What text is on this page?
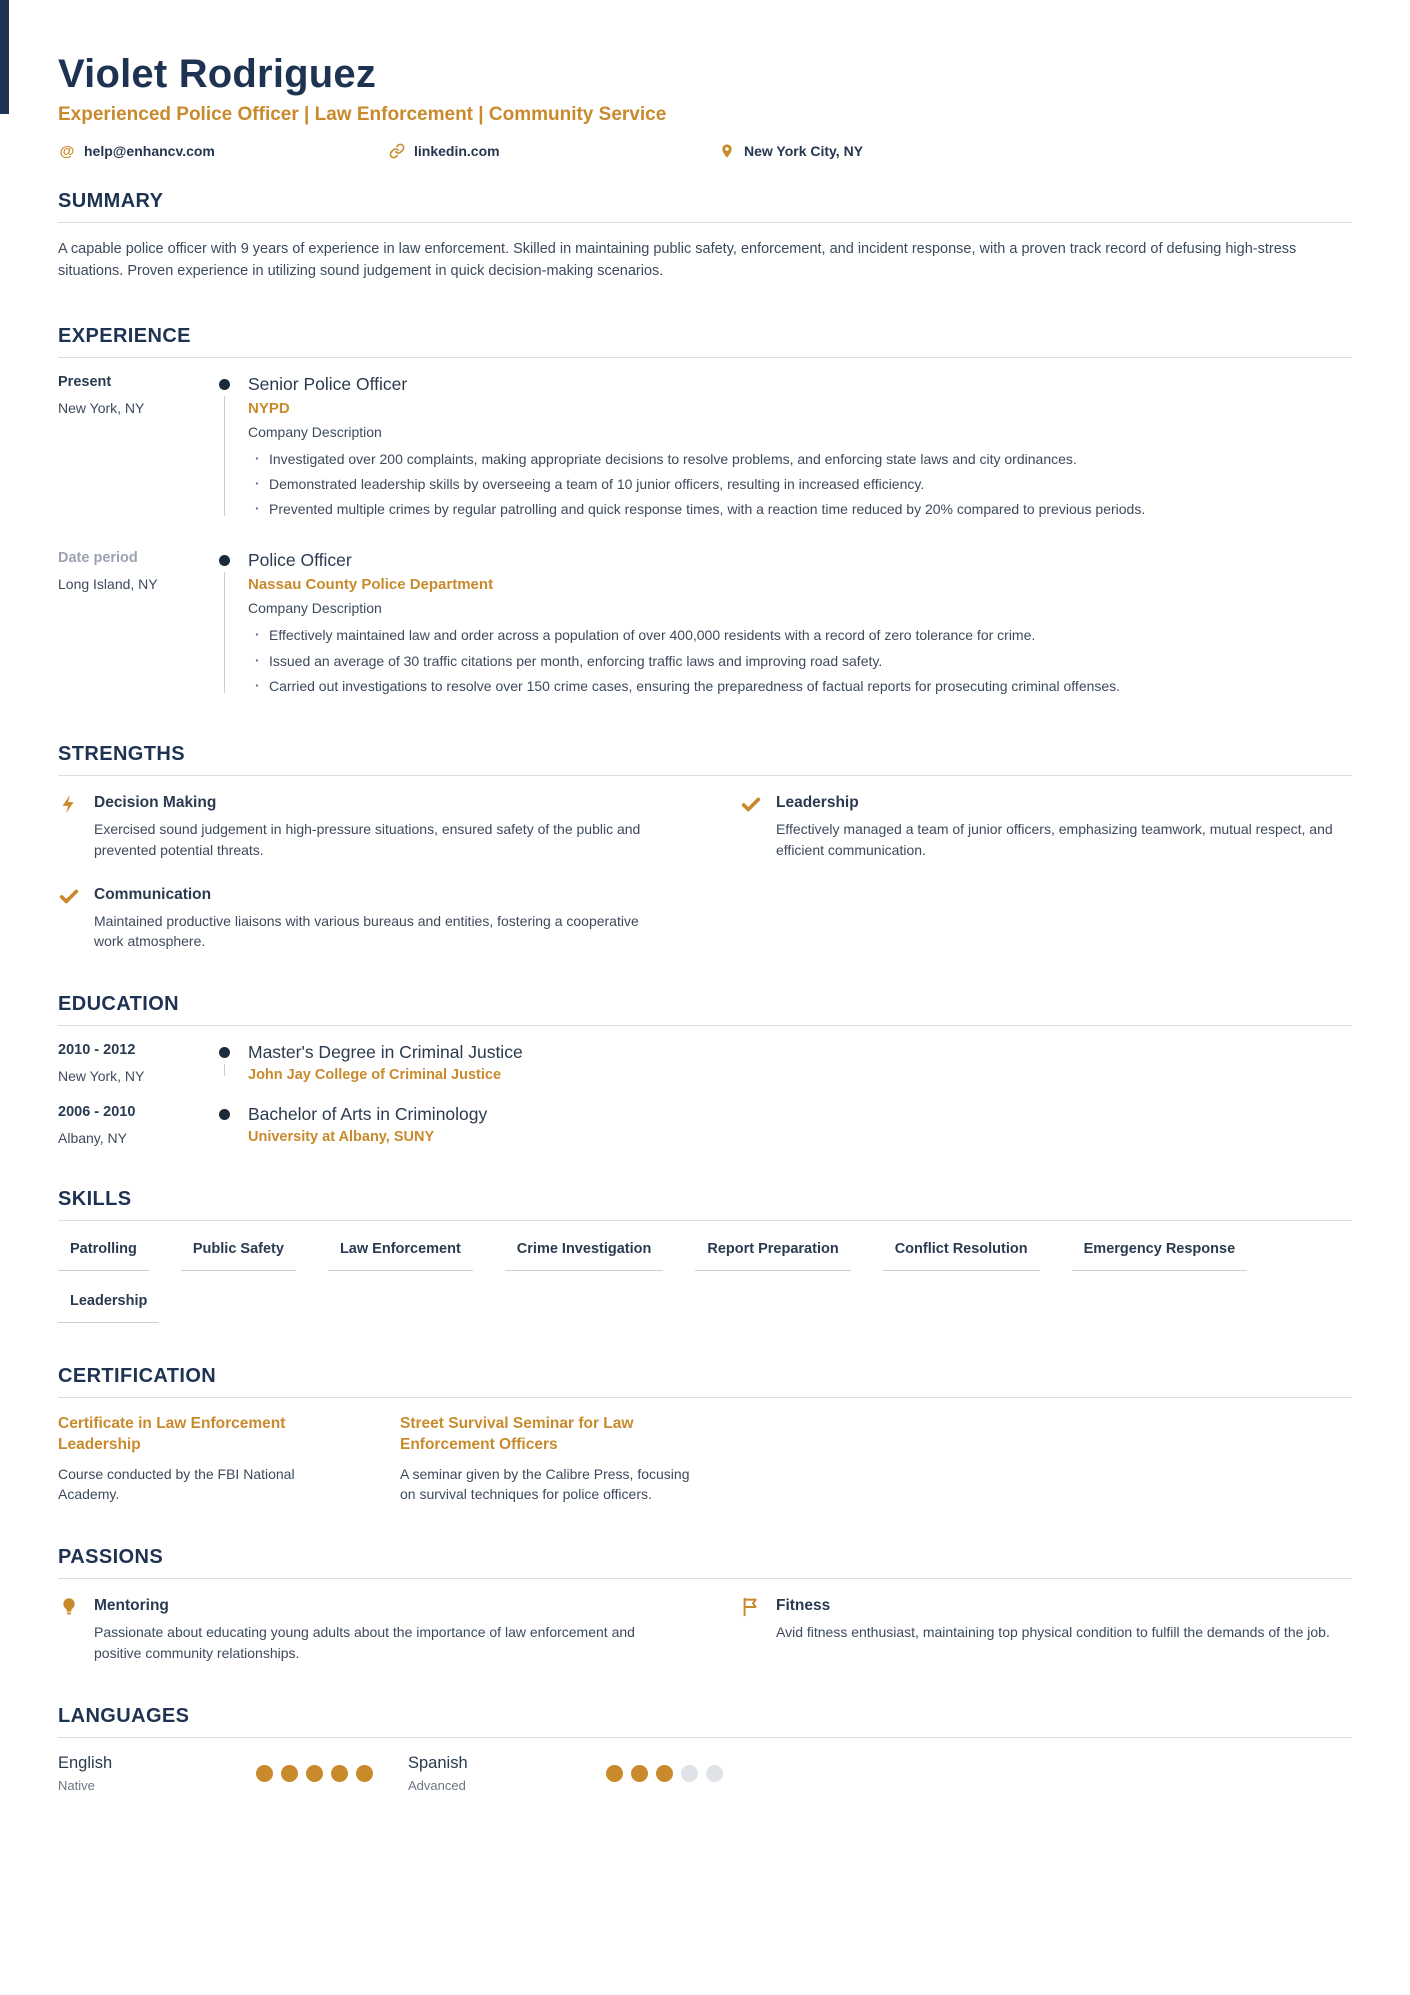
Violet Rodriguez
Experienced Police Officer | Law Enforcement | Community Service
@ help@enhancv.com	linkedin.com	New York City, NY
SUMMARY

A capable police officer with 9 years of experience in law enforcement. Skilled in maintaining public safety, enforcement, and incident response, with a proven track record of defusing high-stress situations. Proven experience in utilizing sound judgement in quick decision-making scenarios.

EXPERIENCE
Present
New York, NY
Senior Police Officer
NYPD
Company Description
· Investigated over 200 complaints, making appropriate decisions to resolve problems, and enforcing state laws and city ordinances.
· Demonstrated leadership skills by overseeing a team of 10 junior officers, resulting in increased efficiency.
· Prevented multiple crimes by regular patrolling and quick response times, with a reaction time reduced by 20% compared to previous periods.
Date period
Long Island, NY
Police Officer
Nassau County Police Department
Company Description
· Effectively maintained law and order across a population of over 400,000 residents with a record of zero tolerance for crime.
· Issued an average of 30 traffic citations per month, enforcing traffic laws and improving road safety.
· Carried out investigations to resolve over 150 crime cases, ensuring the preparedness of factual reports for prosecuting criminal offenses.
STRENGTHS
Decision Making
Exercised sound judgement in high-pressure situations, ensured safety of the public and prevented potential threats.
Leadership
Effectively managed a team of junior officers, emphasizing teamwork, mutual respect, and efficient communication.
Communication
Maintained productive liaisons with various bureaus and entities, fostering a cooperative work atmosphere.
EDUCATION
2010 - 2012
New York, NY
Master's Degree in Criminal Justice
John Jay College of Criminal Justice
2006 - 2010
Albany, NY
Bachelor of Arts in Criminology
University at Albany, SUNY
SKILLS
Patrolling	Public Safety	Law Enforcement	Crime Investigation	Report Preparation	Conflict Resolution	Emergency Response
Leadership
CERTIFICATION
Certificate in Law Enforcement Leadership
Course conducted by the FBI National Academy.
Street Survival Seminar for Law Enforcement Officers
A seminar given by the Calibre Press, focusing on survival techniques for police officers.
PASSIONS
Mentoring
Passionate about educating young adults about the importance of law enforcement and positive community relationships.
Fitness
Avid fitness enthusiast, maintaining top physical condition to fulfill the demands of the job.
LANGUAGES
English
Native
Spanish
Advanced
